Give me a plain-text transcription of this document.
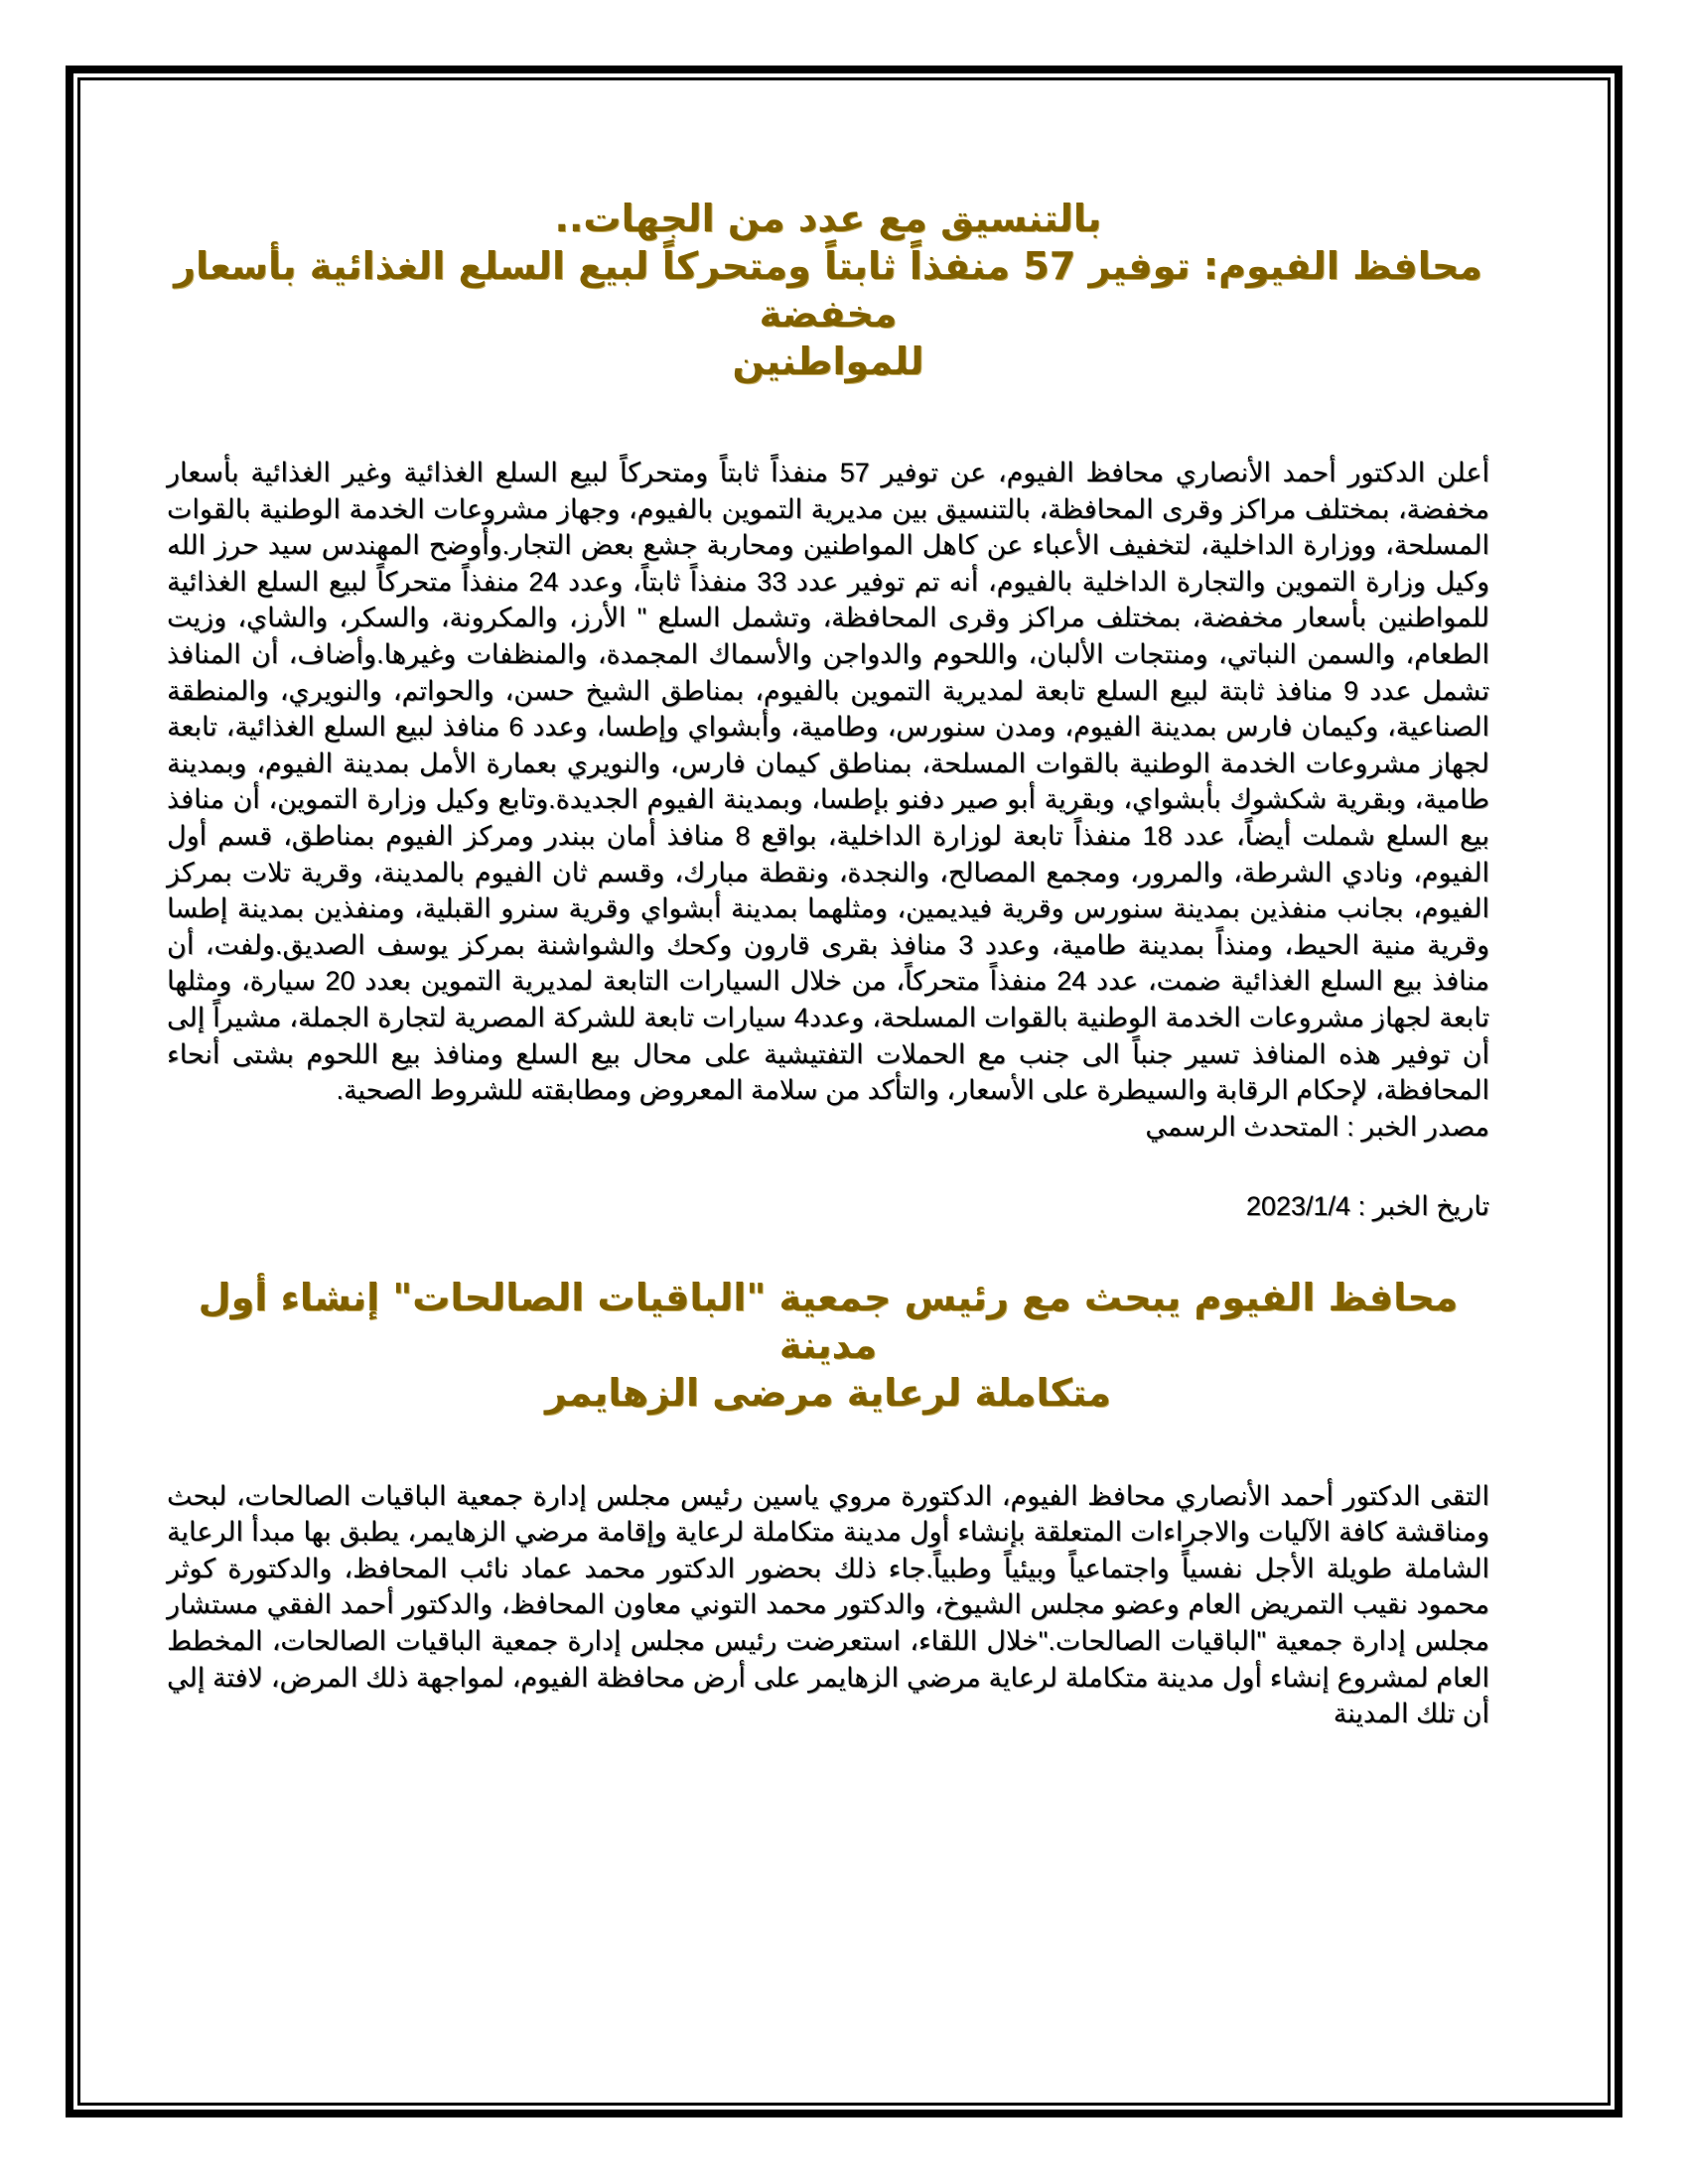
بالتنسيق مع عدد من الجهات..
محافظ الفيوم: توفير 57 منفذاً ثابتاً ومتحركاً لبيع السلع الغذائية بأسعار مخفضة
للمواطنين

أعلن الدكتور أحمد الأنصاري محافظ الفيوم، عن توفير 57 منفذاً ثابتاً ومتحركاً لبيع السلع الغذائية وغير الغذائية بأسعار مخفضة، بمختلف مراكز وقرى المحافظة، بالتنسيق بين مديرية التموين بالفيوم، وجهاز مشروعات الخدمة الوطنية بالقوات المسلحة، ووزارة الداخلية، لتخفيف الأعباء عن كاهل المواطنين ومحاربة جشع بعض التجار.وأوضح المهندس سيد حرز الله وكيل وزارة التموين والتجارة الداخلية بالفيوم، أنه تم توفير عدد 33 منفذاً ثابتاً، وعدد 24 منفذاً متحركاً لبيع السلع الغذائية للمواطنين بأسعار مخفضة، بمختلف مراكز وقرى المحافظة، وتشمل السلع " الأرز، والمكرونة، والسكر، والشاي، وزيت الطعام، والسمن النباتي، ومنتجات الألبان، واللحوم والدواجن والأسماك المجمدة، والمنظفات وغيرها.وأضاف، أن المنافذ تشمل عدد 9 منافذ ثابتة لبيع السلع تابعة لمديرية التموين بالفيوم، بمناطق الشيخ حسن، والحواتم، والنويري، والمنطقة الصناعية، وكيمان فارس بمدينة الفيوم، ومدن سنورس، وطامية، وأبشواي وإطسا، وعدد 6 منافذ لبيع السلع الغذائية، تابعة لجهاز مشروعات الخدمة الوطنية بالقوات المسلحة، بمناطق كيمان فارس، والنويري بعمارة الأمل بمدينة الفيوم، وبمدينة طامية، وبقرية شكشوك بأبشواي، وبقرية أبو صير دفنو بإطسا، وبمدينة الفيوم الجديدة.وتابع وكيل وزارة التموين، أن منافذ بيع السلع شملت أيضاً، عدد 18 منفذاً تابعة لوزارة الداخلية، بواقع 8 منافذ أمان ببندر ومركز الفيوم بمناطق، قسم أول الفيوم، ونادي الشرطة، والمرور، ومجمع المصالح، والنجدة، ونقطة مبارك، وقسم ثان الفيوم بالمدينة، وقرية تلات بمركز الفيوم، بجانب منفذين بمدينة سنورس وقرية فيديمين، ومثلهما بمدينة أبشواي وقرية سنرو القبلية، ومنفذين بمدينة إطسا وقرية منية الحيط، ومنذاً بمدينة طامية، وعدد 3 منافذ بقرى قارون وكحك والشواشنة بمركز يوسف الصديق.ولفت، أن منافذ بيع السلع الغذائية ضمت، عدد 24 منفذاً متحركاً، من خلال السيارات التابعة لمديرية التموين بعدد 20 سيارة، ومثلها تابعة لجهاز مشروعات الخدمة الوطنية بالقوات المسلحة، وعدد4 سيارات تابعة للشركة المصرية لتجارة الجملة، مشيراً إلى أن توفير هذه المنافذ تسير جنباً الى جنب مع الحملات التفتيشية على محال بيع السلع ومنافذ بيع اللحوم بشتى أنحاء المحافظة، لإحكام الرقابة والسيطرة على الأسعار، والتأكد من سلامة المعروض ومطابقته للشروط الصحية.

مصدر الخبر : المتحدث الرسمي

تاريخ الخبر : 2023/1/4

محافظ الفيوم يبحث مع رئيس جمعية "الباقيات الصالحات" إنشاء أول مدينة
متكاملة لرعاية مرضى الزهايمر

التقى الدكتور أحمد الأنصاري محافظ الفيوم، الدكتورة مروي ياسين رئيس مجلس إدارة جمعية الباقيات الصالحات، لبحث ومناقشة كافة الآليات والاجراءات المتعلقة بإنشاء أول مدينة متكاملة لرعاية وإقامة مرضي الزهايمر، يطبق بها مبدأ الرعاية الشاملة طويلة الأجل نفسياً واجتماعياً وبيئياً وطبياً.جاء ذلك بحضور الدكتور محمد عماد نائب المحافظ، والدكتورة كوثر محمود نقيب التمريض العام وعضو مجلس الشيوخ، والدكتور محمد التوني معاون المحافظ، والدكتور أحمد الفقي مستشار مجلس إدارة جمعية "الباقيات الصالحات."خلال اللقاء، استعرضت رئيس مجلس إدارة جمعية الباقيات الصالحات، المخطط العام لمشروع إنشاء أول مدينة متكاملة لرعاية مرضي الزهايمر على أرض محافظة الفيوم، لمواجهة ذلك المرض، لافتة إلي أن تلك المدينة
